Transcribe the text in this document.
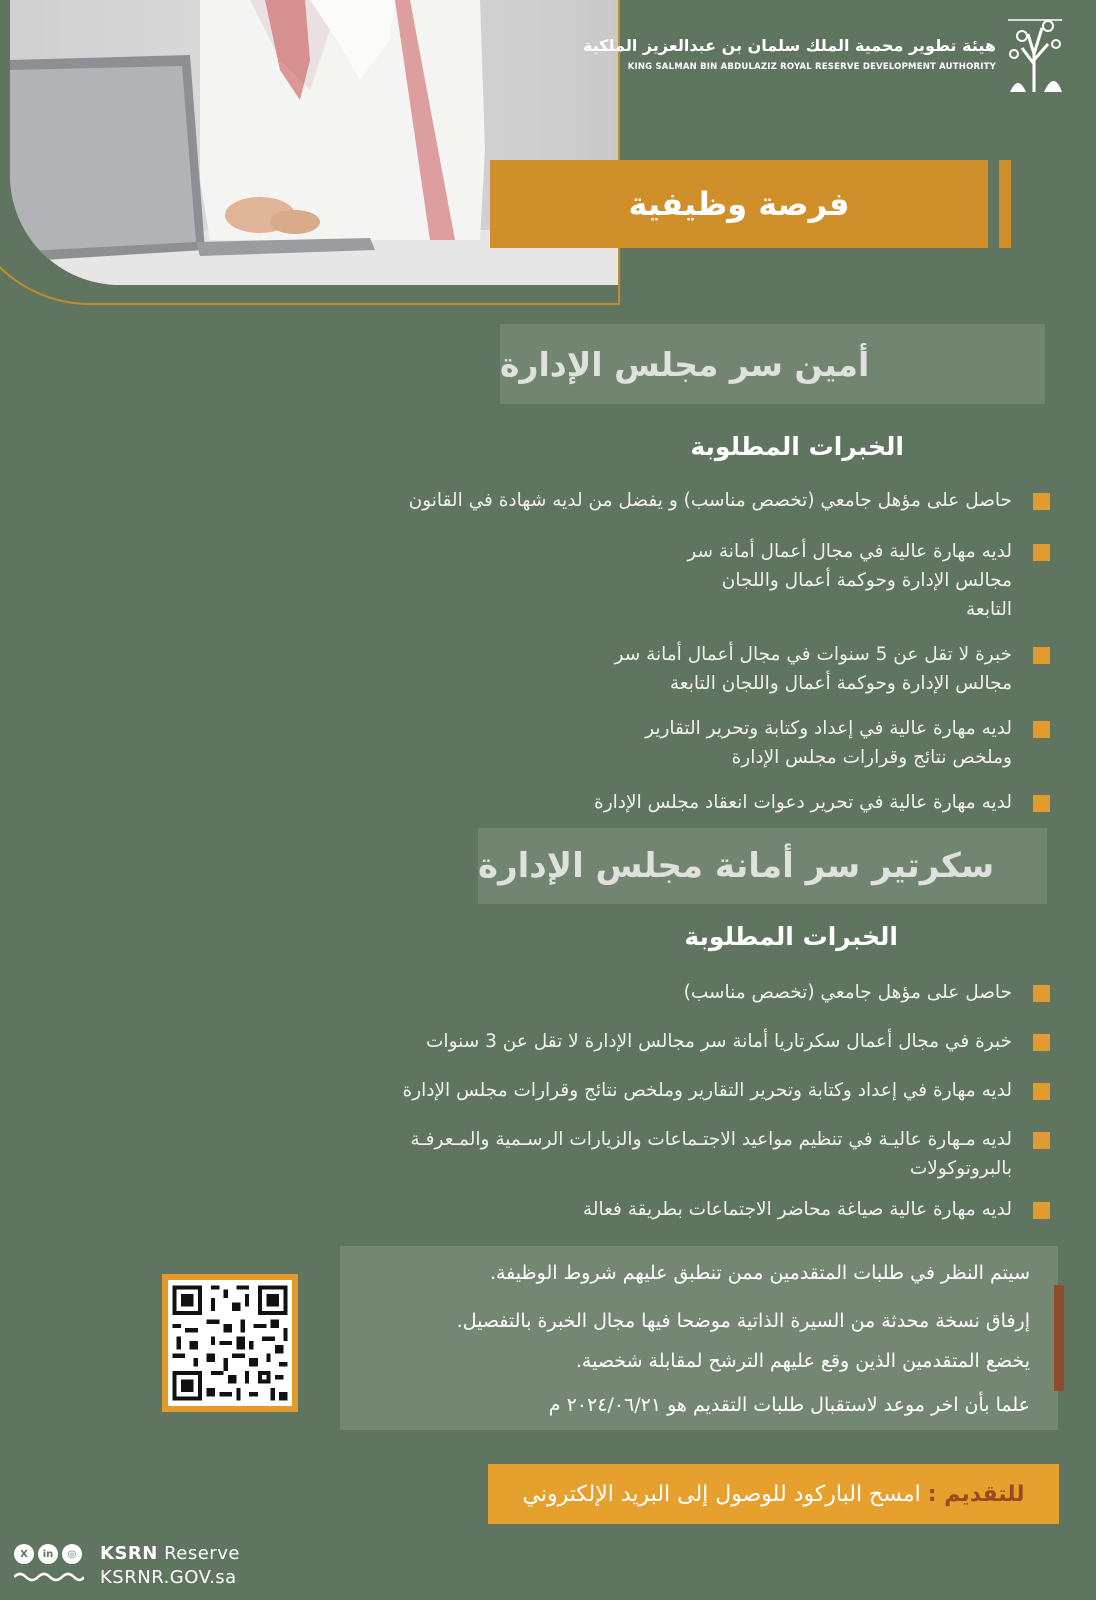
هيئة تطوير محمية الملك سلمان بن عبدالعزيز الملكية
KING SALMAN BIN ABDULAZIZ ROYAL RESERVE DEVELOPMENT AUTHORITY
فرصة وظيفية
أمين سر مجلس الإدارة
الخبرات المطلوبة
حاصل على مؤهل جامعي (تخصص مناسب) و يفضل من لديه شهادة في القانون
لديه مهارة عالية في مجال أعمال أمانة سر مجالس الإدارة وحوكمة أعمال واللجان التابعة
خبرة لا تقل عن 5 سنوات في مجال أعمال أمانة سر مجالس الإدارة وحوكمة أعمال واللجان التابعة
لديه مهارة عالية في إعداد وكتابة وتحرير التقارير وملخص نتائج وقرارات مجلس الإدارة
لديه مهارة عالية في تحرير دعوات انعقاد مجلس الإدارة
سكرتير سر أمانة مجلس الإدارة
الخبرات المطلوبة
حاصل على مؤهل جامعي (تخصص مناسب)
خبرة في مجال أعمال سكرتاريا أمانة سر مجالس الإدارة لا تقل عن 3 سنوات
لديه مهارة في إعداد وكتابة وتحرير التقارير وملخص نتائج وقرارات مجلس الإدارة
لديه مـهارة عاليـة في تنظيم مواعيد الاجتـماعات والزيارات الرسـمية والمـعرفـة بالبروتوكولات
لديه مهارة عالية صياغة محاضر الاجتماعات بطريقة فعالة

سيتم النظر في طلبات المتقدمين ممن تنطبق عليهم شروط الوظيفة.

إرفاق نسخة محدثة من السيرة الذاتية موضحا فيها مجال الخبرة بالتفصيل.

يخضع المتقدمين الذين وقع عليهم الترشح لمقابلة شخصية.

علما بأن اخر موعد لاستقبال طلبات التقديم هو ٢٠٢٤/٠٦/٢١ م

للتقديم :

امسح الباركود للوصول إلى البريد الإلكتروني
X	in	◎	KSRN Reserve
KSRNR.GOV.sa
